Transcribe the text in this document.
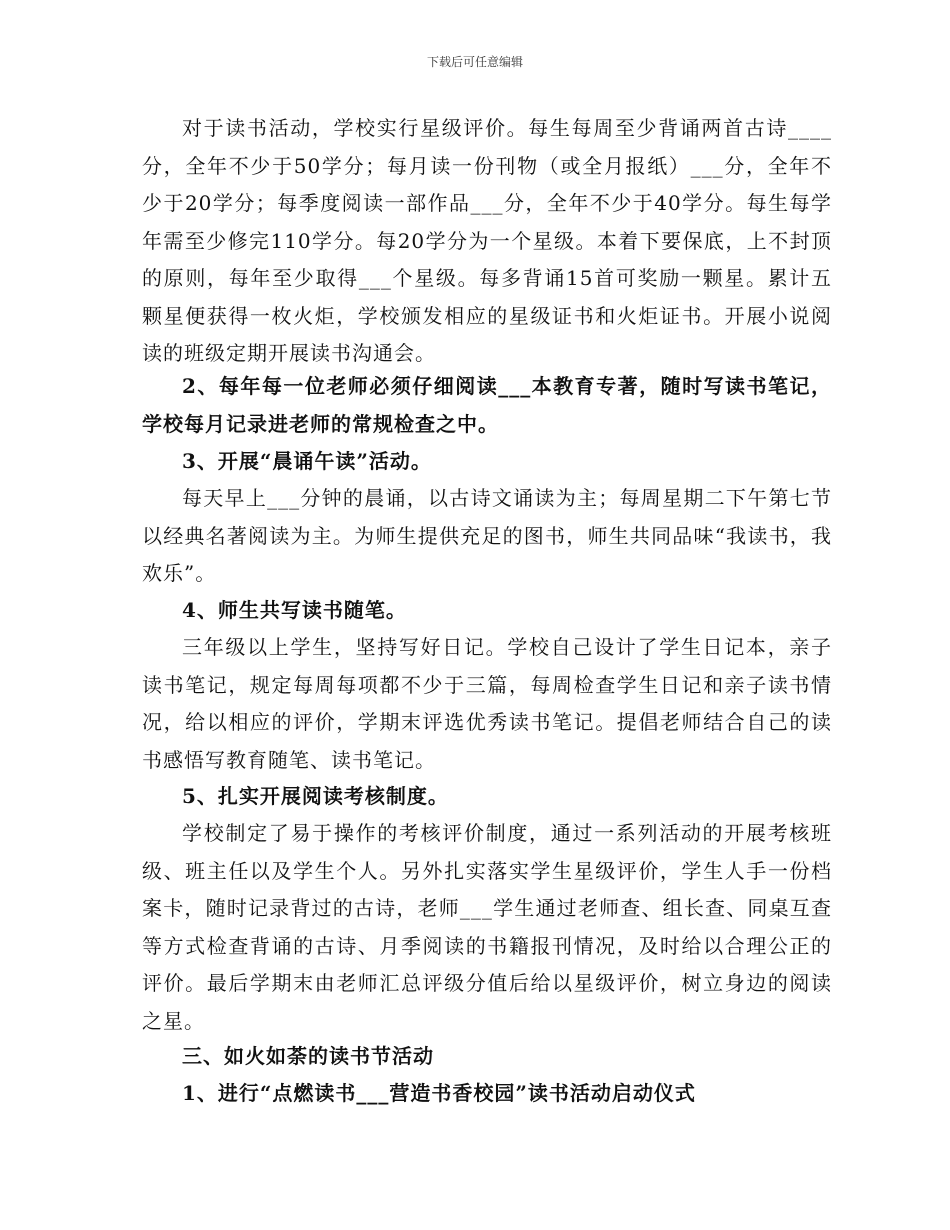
下载后可任意编辑

对于读书活动，学校实行星级评价。每生每周至少背诵两首古诗____分，全年不少于50学分；每月读一份刊物（或全月报纸）___分，全年不少于20学分；每季度阅读一部作品___分，全年不少于40学分。每生每学年需至少修完110学分。每20学分为一个星级。本着下要保底，上不封顶的原则，每年至少取得___个星级。每多背诵15首可奖励一颗星。累计五颗星便获得一枚火炬，学校颁发相应的星级证书和火炬证书。开展小说阅读的班级定期开展读书沟通会。

2、每年每一位老师必须仔细阅读___本教育专著，随时写读书笔记，学校每月记录进老师的常规检查之中。

3、开展“晨诵午读”活动。

每天早上___分钟的晨诵，以古诗文诵读为主；每周星期二下午第七节以经典名著阅读为主。为师生提供充足的图书，师生共同品味“我读书，我欢乐”。

4、师生共写读书随笔。

三年级以上学生，坚持写好日记。学校自己设计了学生日记本，亲子读书笔记，规定每周每项都不少于三篇，每周检查学生日记和亲子读书情况，给以相应的评价，学期末评选优秀读书笔记。提倡老师结合自己的读书感悟写教育随笔、读书笔记。

5、扎实开展阅读考核制度。

学校制定了易于操作的考核评价制度，通过一系列活动的开展考核班级、班主任以及学生个人。另外扎实落实学生星级评价，学生人手一份档案卡，随时记录背过的古诗，老师___学生通过老师查、组长查、同桌互查等方式检查背诵的古诗、月季阅读的书籍报刊情况，及时给以合理公正的评价。最后学期末由老师汇总评级分值后给以星级评价，树立身边的阅读之星。

三、如火如荼的读书节活动

1、进行“点燃读书___营造书香校园”读书活动启动仪式
